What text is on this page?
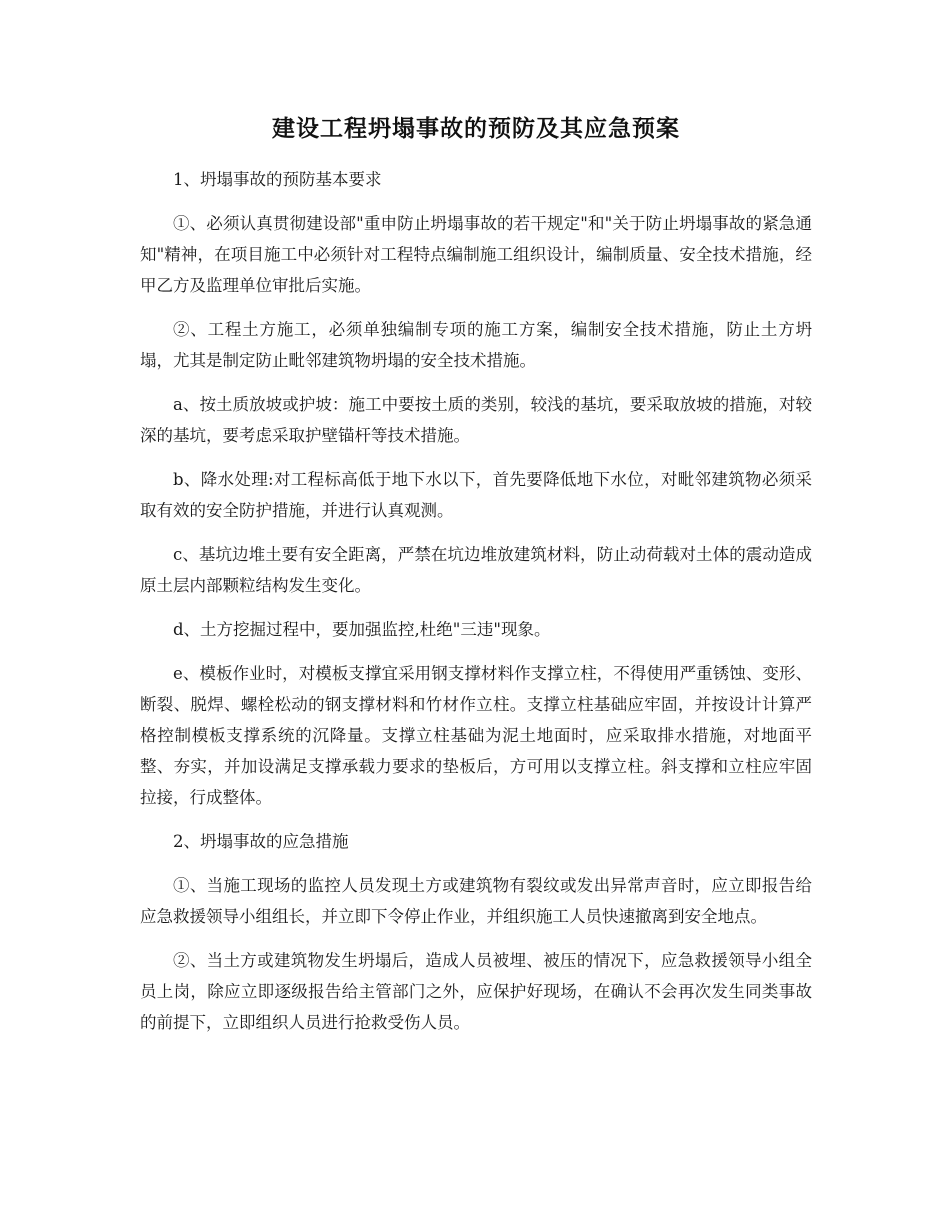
建设工程坍塌事故的预防及其应急预案

1、坍塌事故的预防基本要求

①、必须认真贯彻建设部"重申防止坍塌事故的若干规定"和"关于防止坍塌事故的紧急通知"精神，在项目施工中必须针对工程特点编制施工组织设计，编制质量、安全技术措施，经甲乙方及监理单位审批后实施。

②、工程土方施工，必须单独编制专项的施工方案，编制安全技术措施，防止土方坍塌，尤其是制定防止毗邻建筑物坍塌的安全技术措施。

a、按土质放坡或护坡：施工中要按土质的类别，较浅的基坑，要采取放坡的措施，对较深的基坑，要考虑采取护壁锚杆等技术措施。

b、降水处理:对工程标高低于地下水以下，首先要降低地下水位，对毗邻建筑物必须采取有效的安全防护措施，并进行认真观测。

c、基坑边堆土要有安全距离，严禁在坑边堆放建筑材料，防止动荷载对土体的震动造成原土层内部颗粒结构发生变化。

d、土方挖掘过程中，要加强监控,杜绝"三违"现象。

e、模板作业时，对模板支撑宜采用钢支撑材料作支撑立柱，不得使用严重锈蚀、变形、断裂、脱焊、螺栓松动的钢支撑材料和竹材作立柱。支撑立柱基础应牢固，并按设计计算严格控制模板支撑系统的沉降量。支撑立柱基础为泥土地面时，应采取排水措施，对地面平整、夯实，并加设满足支撑承载力要求的垫板后，方可用以支撑立柱。斜支撑和立柱应牢固拉接，行成整体。

2、坍塌事故的应急措施

①、当施工现场的监控人员发现土方或建筑物有裂纹或发出异常声音时，应立即报告给应急救援领导小组组长，并立即下令停止作业，并组织施工人员快速撤离到安全地点。

②、当土方或建筑物发生坍塌后，造成人员被埋、被压的情况下，应急救援领导小组全员上岗，除应立即逐级报告给主管部门之外，应保护好现场，在确认不会再次发生同类事故的前提下，立即组织人员进行抢救受伤人员。
